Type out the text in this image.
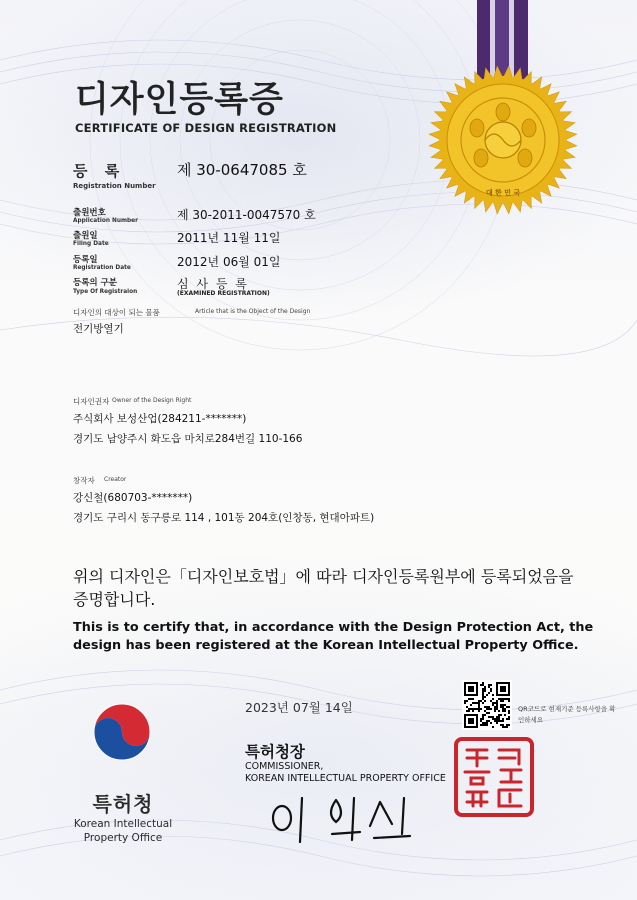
대 한 민 국
디자인등록증
CERTIFICATE OF DESIGN REGISTRATION
등 록
Registration Number
제 30-0647085 호
출원번호
Application Number	제 30-2011-0047570 호
출원일
Filing Date	2011년 11월 11일
등록일
Registration Date	2012년 06월 01일
등록의 구분
Type Of Registraion
심 사 등 록
(EXAMINED REGISTRATION)
디자인의 대상이 되는 물품	Article that is the Object of the Design
전기방열기
디자인권자 Owner of the Design Right
주식회사 보성산업(284211-*******)
경기도 남양주시 화도읍 마치로284번길 110-166
창작자 Creator
강신철(680703-*******)
경기도 구리시 동구릉로 114 , 101동 204호(인창동, 현대아파트)
위의 디자인은「디자인보호법」에 따라 디자인등록원부에 등록되었음을 증명합니다.
This is to certify that, in accordance with the Design Protection Act, the design has been registered at the Korean Intellectual Property Office.
2023년 07월 14일	QR코드로 현재기준 등록사항을 확인하세요
특허청장
COMMISSIONER,
KOREAN INTELLECTUAL PROPERTY OFFICE
특허청
Korean Intellectual Property Office
